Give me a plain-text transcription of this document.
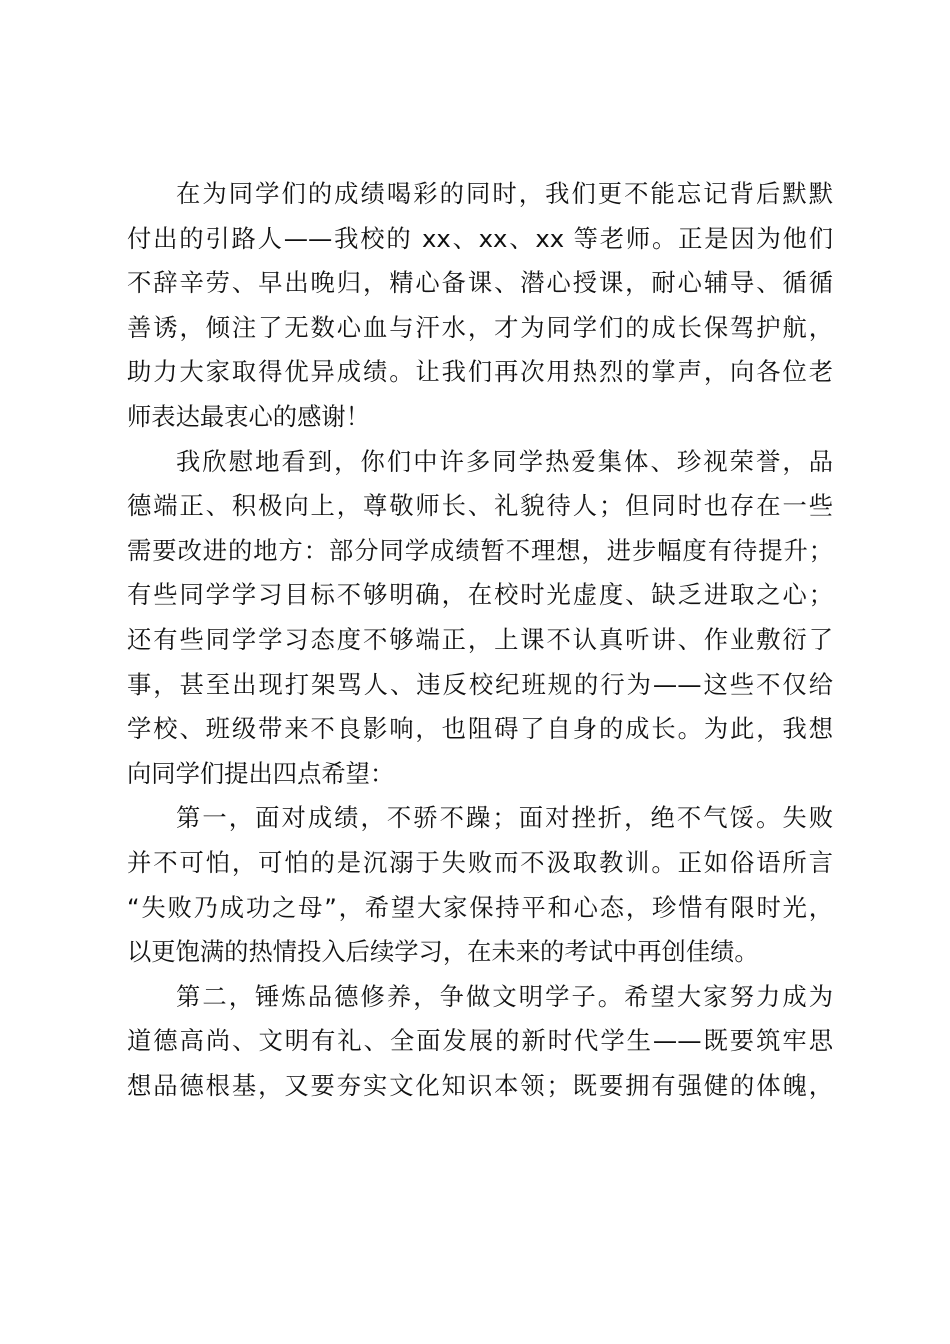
在为同学们的成绩喝彩的同时，我们更不能忘记背后默默
付出的引路人——我校的 xx、xx、xx 等老师。正是因为他们
不辞辛劳、早出晚归，精心备课、潜心授课，耐心辅导、循循
善诱，倾注了无数心血与汗水，才为同学们的成长保驾护航，
助力大家取得优异成绩。让我们再次用热烈的掌声，向各位老
师表达最衷心的感谢！
我欣慰地看到，你们中许多同学热爱集体、珍视荣誉，品
德端正、积极向上，尊敬师长、礼貌待人；但同时也存在一些
需要改进的地方：部分同学成绩暂不理想，进步幅度有待提升；
有些同学学习目标不够明确，在校时光虚度、缺乏进取之心；
还有些同学学习态度不够端正，上课不认真听讲、作业敷衍了
事，甚至出现打架骂人、违反校纪班规的行为——这些不仅给
学校、班级带来不良影响，也阻碍了自身的成长。为此，我想
向同学们提出四点希望：
第一，面对成绩，不骄不躁；面对挫折，绝不气馁。失败
并不可怕，可怕的是沉溺于失败而不汲取教训。正如俗语所言
“失败乃成功之母”，希望大家保持平和心态，珍惜有限时光，
以更饱满的热情投入后续学习，在未来的考试中再创佳绩。
第二，锤炼品德修养，争做文明学子。希望大家努力成为
道德高尚、文明有礼、全面发展的新时代学生——既要筑牢思
想品德根基，又要夯实文化知识本领；既要拥有强健的体魄，
